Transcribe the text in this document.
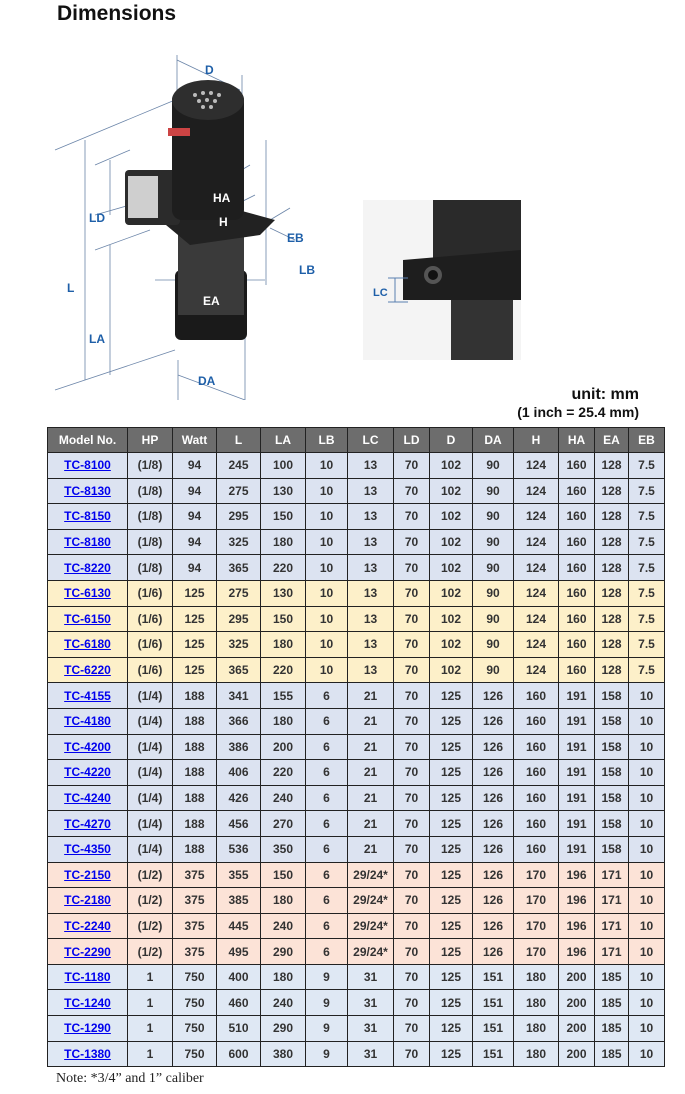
Dimensions
D
HA
H
LD
L
LA
EA
EB
LB
DA
LC
unit: mm
(1 inch = 25.4 mm)
Model No.	HP	Watt	L	LA	LB	LC	LD	D	DA	H	HA	EA	EB
TC-8100	(1/8)	94	245	100	10	13	70	102	90	124	160	128	7.5
TC-8130	(1/8)	94	275	130	10	13	70	102	90	124	160	128	7.5
TC-8150	(1/8)	94	295	150	10	13	70	102	90	124	160	128	7.5
TC-8180	(1/8)	94	325	180	10	13	70	102	90	124	160	128	7.5
TC-8220	(1/8)	94	365	220	10	13	70	102	90	124	160	128	7.5
TC-6130	(1/6)	125	275	130	10	13	70	102	90	124	160	128	7.5
TC-6150	(1/6)	125	295	150	10	13	70	102	90	124	160	128	7.5
TC-6180	(1/6)	125	325	180	10	13	70	102	90	124	160	128	7.5
TC-6220	(1/6)	125	365	220	10	13	70	102	90	124	160	128	7.5
TC-4155	(1/4)	188	341	155	6	21	70	125	126	160	191	158	10
TC-4180	(1/4)	188	366	180	6	21	70	125	126	160	191	158	10
TC-4200	(1/4)	188	386	200	6	21	70	125	126	160	191	158	10
TC-4220	(1/4)	188	406	220	6	21	70	125	126	160	191	158	10
TC-4240	(1/4)	188	426	240	6	21	70	125	126	160	191	158	10
TC-4270	(1/4)	188	456	270	6	21	70	125	126	160	191	158	10
TC-4350	(1/4)	188	536	350	6	21	70	125	126	160	191	158	10
TC-2150	(1/2)	375	355	150	6	29/24*	70	125	126	170	196	171	10
TC-2180	(1/2)	375	385	180	6	29/24*	70	125	126	170	196	171	10
TC-2240	(1/2)	375	445	240	6	29/24*	70	125	126	170	196	171	10
TC-2290	(1/2)	375	495	290	6	29/24*	70	125	126	170	196	171	10
TC-1180	1	750	400	180	9	31	70	125	151	180	200	185	10
TC-1240	1	750	460	240	9	31	70	125	151	180	200	185	10
TC-1290	1	750	510	290	9	31	70	125	151	180	200	185	10
TC-1380	1	750	600	380	9	31	70	125	151	180	200	185	10
Note: *3/4” and 1” caliber
